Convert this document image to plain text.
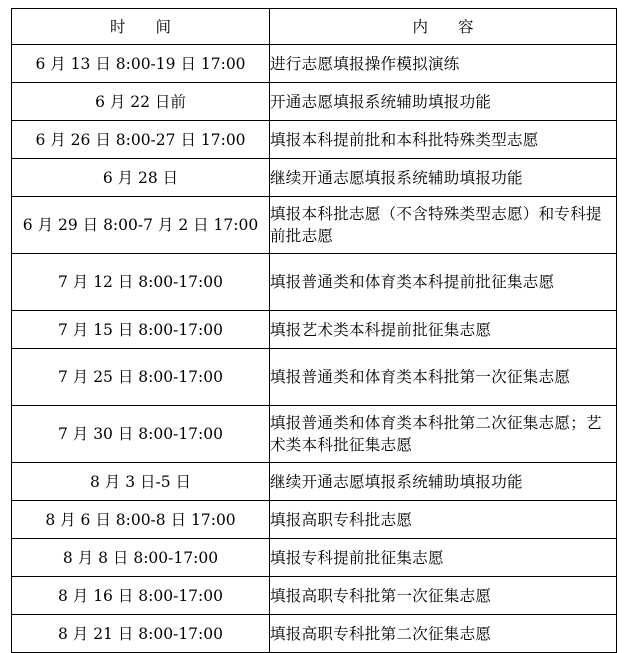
时间	内容
6 月 13 日 8:00-19 日 17:00	进行志愿填报操作模拟演练
6 月 22 日前	开通志愿填报系统辅助填报功能
6 月 26 日 8:00-27 日 17:00	填报本科提前批和本科批特殊类型志愿
6 月 28 日	继续开通志愿填报系统辅助填报功能
6 月 29 日 8:00-7 月 2 日 17:00	填报本科批志愿（不含特殊类型志愿）和专科提前批志愿
7 月 12 日 8:00-17:00	填报普通类和体育类本科提前批征集志愿
7 月 15 日 8:00-17:00	填报艺术类本科提前批征集志愿
7 月 25 日 8:00-17:00	填报普通类和体育类本科批第一次征集志愿
7 月 30 日 8:00-17:00	填报普通类和体育类本科批第二次征集志愿；艺术类本科批征集志愿
8 月 3 日-5 日	继续开通志愿填报系统辅助填报功能
8 月 6 日 8:00-8 日 17:00	填报高职专科批志愿
8 月 8 日 8:00-17:00	填报专科提前批征集志愿
8 月 16 日 8:00-17:00	填报高职专科批第一次征集志愿
8 月 21 日 8:00-17:00	填报高职专科批第二次征集志愿
